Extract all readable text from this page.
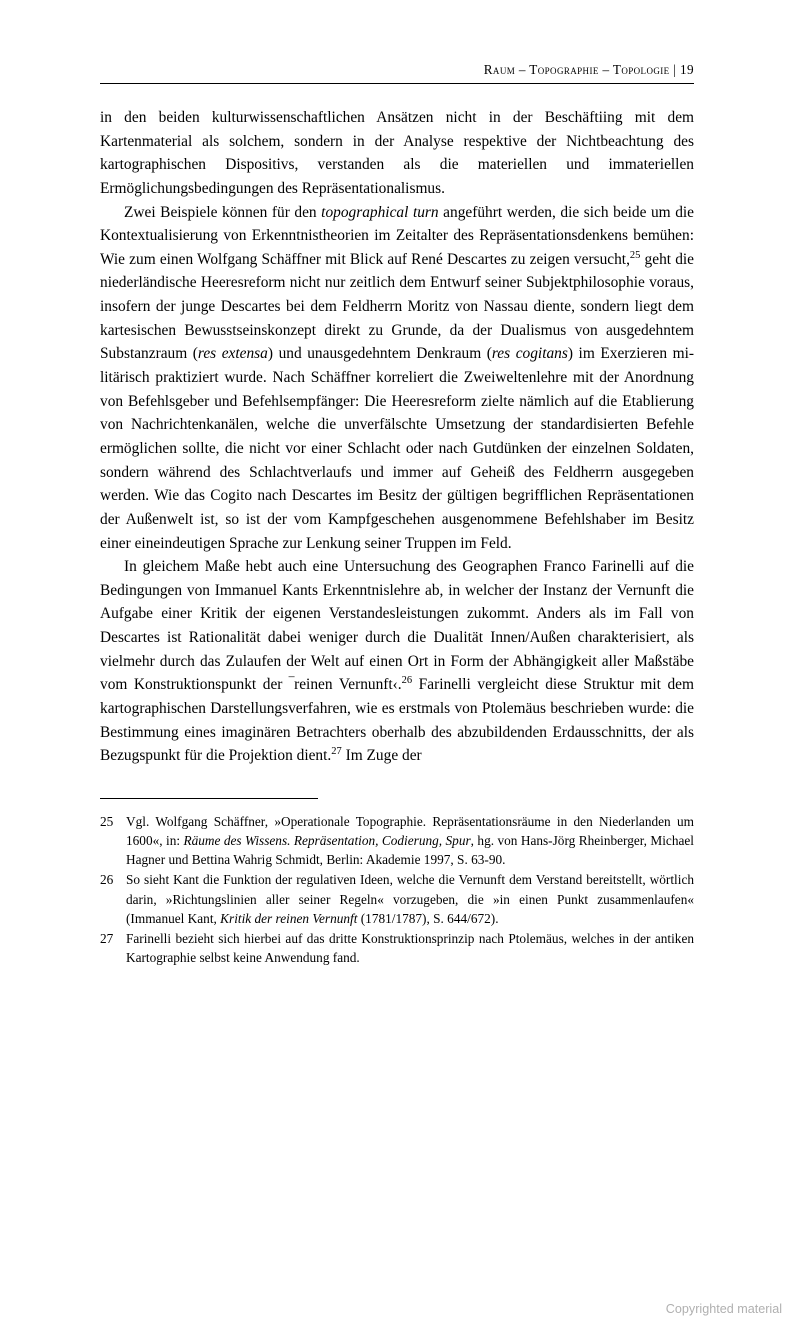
Raum – Topographie – Topologie | 19

in den beiden kulturwissenschaftlichen Ansätzen nicht in der Beschäftiing mit dem Kartenmaterial als solchem, sondern in der Analyse respektive der Nichtbeachtung des kartographischen Dispositivs, verstanden als die materiellen und immateriellen Ermöglichungsbedingungen des Repräsentationalismus.

Zwei Beispiele können für den topographical turn angeführt werden, die sich beide um die Kontextualisierung von Erkenntnistheorien im Zeitalter des Repräsentationsdenkens bemühen: Wie zum einen Wolfgang Schäffner mit Blick auf René Descartes zu zeigen versucht,$^{25}$ geht die niederländische Heeresreform nicht nur zeitlich dem Entwurf seiner Subjektphilosophie voraus, insofern der junge Descartes bei dem Feldherrn Moritz von Nassau diente, sondern liegt dem kartesischen Bewusstseinskonzept direkt zu Grunde, da der Dualismus von ausgedehntem Substanzraum (res extensa) und unausgedehntem Denkraum (res cogitans) im Exerzieren militärisch praktiziert wurde. Nach Schäffner korreliert die Zweiweltenlehre mit der Anordnung von Befehlsgeber und Befehlsempfänger: Die Heeresreform zielte nämlich auf die Etablierung von Nachrichtenkanälen, welche die unverfälschte Umsetzung der standardisierten Befehle ermöglichen sollte, die nicht vor einer Schlacht oder nach Gutdünken der einzelnen Soldaten, sondern während des Schlachtverlaufs und immer auf Geheiß des Feldherrn ausgegeben werden. Wie das Cogito nach Descartes im Besitz der gültigen begrifflichen Repräsentationen der Außenwelt ist, so ist der vom Kampfgeschehen ausgenommene Befehlshaber im Besitz einer eineindeutigen Sprache zur Lenkung seiner Truppen im Feld.

In gleichem Maße hebt auch eine Untersuchung des Geographen Franco Farinelli auf die Bedingungen von Immanuel Kants Erkenntnislehre ab, in welcher der Instanz der Vernunft die Aufgabe einer Kritik der eigenen Verstandesleistungen zukommt. Anders als im Fall von Descartes ist Rationalität dabei weniger durch die Dualität Innen/Außen charakterisiert, als vielmehr durch das Zulaufen der Welt auf einen Ort in Form der Abhängigkeit aller Maßstäbe vom Konstruktionspunkt der ‾reinen Vernunft‹.$^{26}$ Farinelli vergleicht diese Struktur mit dem kartographischen Darstellungsverfahren, wie es erstmals von Ptolemäus beschrieben wurde: die Bestimmung eines imaginären Betrachters oberhalb des abzubildenden Erdausschnitts, der als Bezugspunkt für die Projektion dient.$^{27}$ Im Zuge der

25 Vgl. Wolfgang Schäffner, »Operationale Topographie. Repräsentationsräume in den Niederlanden um 1600«, in: Räume des Wissens. Repräsentation, Codierung, Spur, hg. von Hans-Jörg Rheinberger, Michael Hagner und Bettina Wahrig Schmidt, Berlin: Akademie 1997, S. 63-90.
26 So sieht Kant die Funktion der regulativen Ideen, welche die Vernunft dem Verstand bereitstellt, wörtlich darin, »Richtungslinien aller seiner Regeln« vorzugeben, die »in einen Punkt zusammenlaufen« (Immanuel Kant, Kritik der reinen Vernunft (1781/1787), S. 644/672).
27 Farinelli bezieht sich hierbei auf das dritte Konstruktionsprinzip nach Ptolemäus, welches in der antiken Kartographie selbst keine Anwendung fand.
Copyrighted material
